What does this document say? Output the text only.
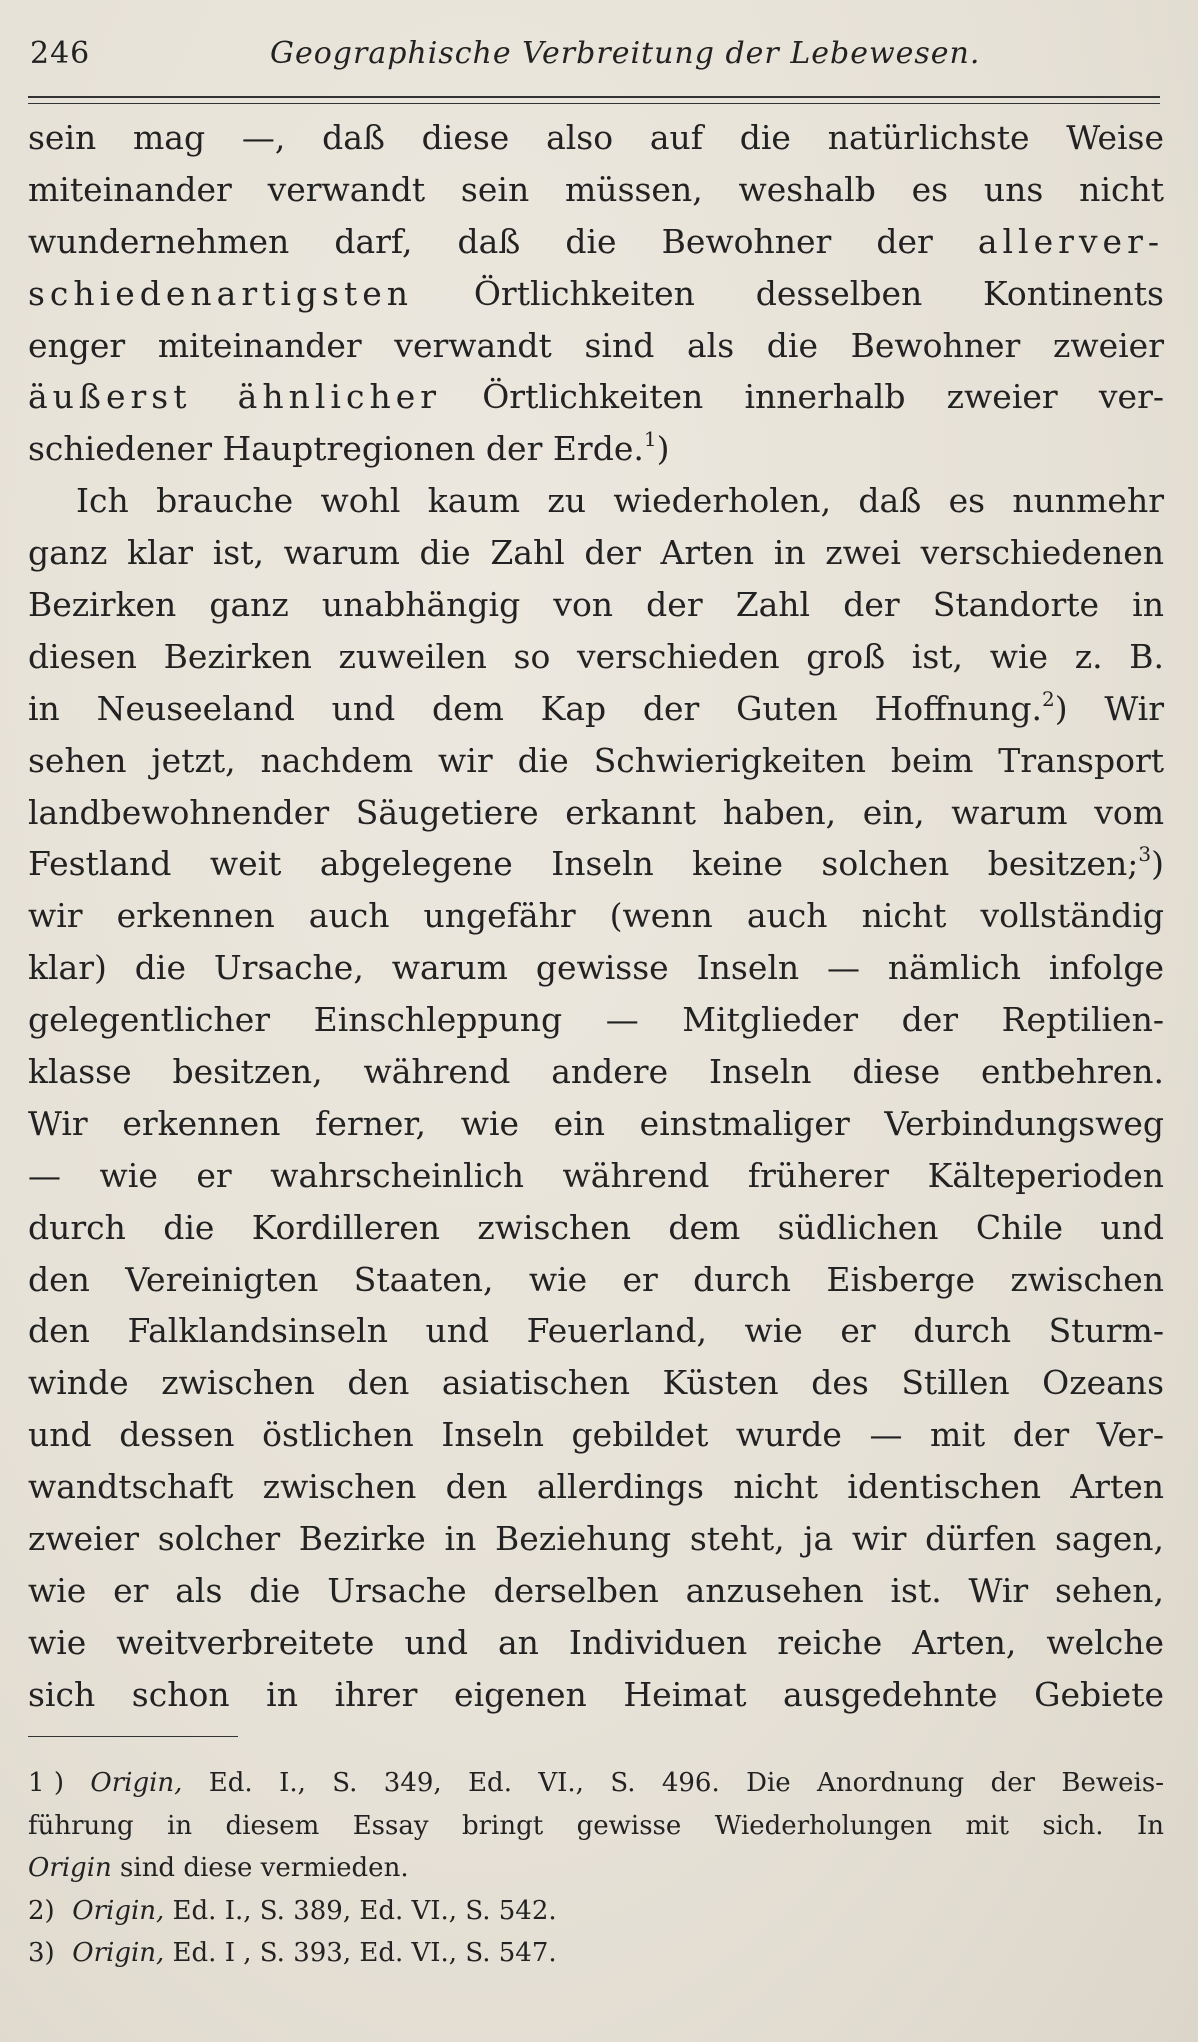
246	Geographische Verbreitung der Lebewesen.
sein mag —, daß diese also auf die natürlichste Weise
miteinander verwandt sein müssen, weshalb es uns nicht
wundernehmen darf, daß die Bewohner der allerver-
schiedenartigsten Örtlichkeiten desselben Kontinents
enger miteinander verwandt sind als die Bewohner zweier
äußerst ähnlicher Örtlichkeiten innerhalb zweier ver-
schiedener Hauptregionen der Erde.$^1$)
Ich brauche wohl kaum zu wiederholen, daß es nunmehr
ganz klar ist, warum die Zahl der Arten in zwei verschiedenen
Bezirken ganz unabhängig von der Zahl der Standorte in
diesen Bezirken zuweilen so verschieden groß ist, wie z. B.
in Neuseeland und dem Kap der Guten Hoffnung.$^2$) Wir
sehen jetzt, nachdem wir die Schwierigkeiten beim Transport
landbewohnender Säugetiere erkannt haben, ein, warum vom
Festland weit abgelegene Inseln keine solchen besitzen;$^3$)
wir erkennen auch ungefähr (wenn auch nicht vollständig
klar) die Ursache, warum gewisse Inseln — nämlich infolge
gelegentlicher Einschleppung — Mitglieder der Reptilien-
klasse besitzen, während andere Inseln diese entbehren.
Wir erkennen ferner, wie ein einstmaliger Verbindungsweg
— wie er wahrscheinlich während früherer Kälteperioden
durch die Kordilleren zwischen dem südlichen Chile und
den Vereinigten Staaten, wie er durch Eisberge zwischen
den Falklandsinseln und Feuerland, wie er durch Sturm-
winde zwischen den asiatischen Küsten des Stillen Ozeans
und dessen östlichen Inseln gebildet wurde — mit der Ver-
wandtschaft zwischen den allerdings nicht identischen Arten
zweier solcher Bezirke in Beziehung steht, ja wir dürfen sagen,
wie er als die Ursache derselben anzusehen ist. Wir sehen,
wie weitverbreitete und an Individuen reiche Arten, welche
sich schon in ihrer eigenen Heimat ausgedehnte Gebiete
1 ) Origin, Ed. I., S. 349, Ed. VI., S. 496. Die Anordnung der Beweis-
führung in diesem Essay bringt gewisse Wiederholungen mit sich. In
Origin sind diese vermieden.
2) Origin, Ed. I., S. 389, Ed. VI., S. 542.
3) Origin, Ed. I , S. 393, Ed. VI., S. 547.
